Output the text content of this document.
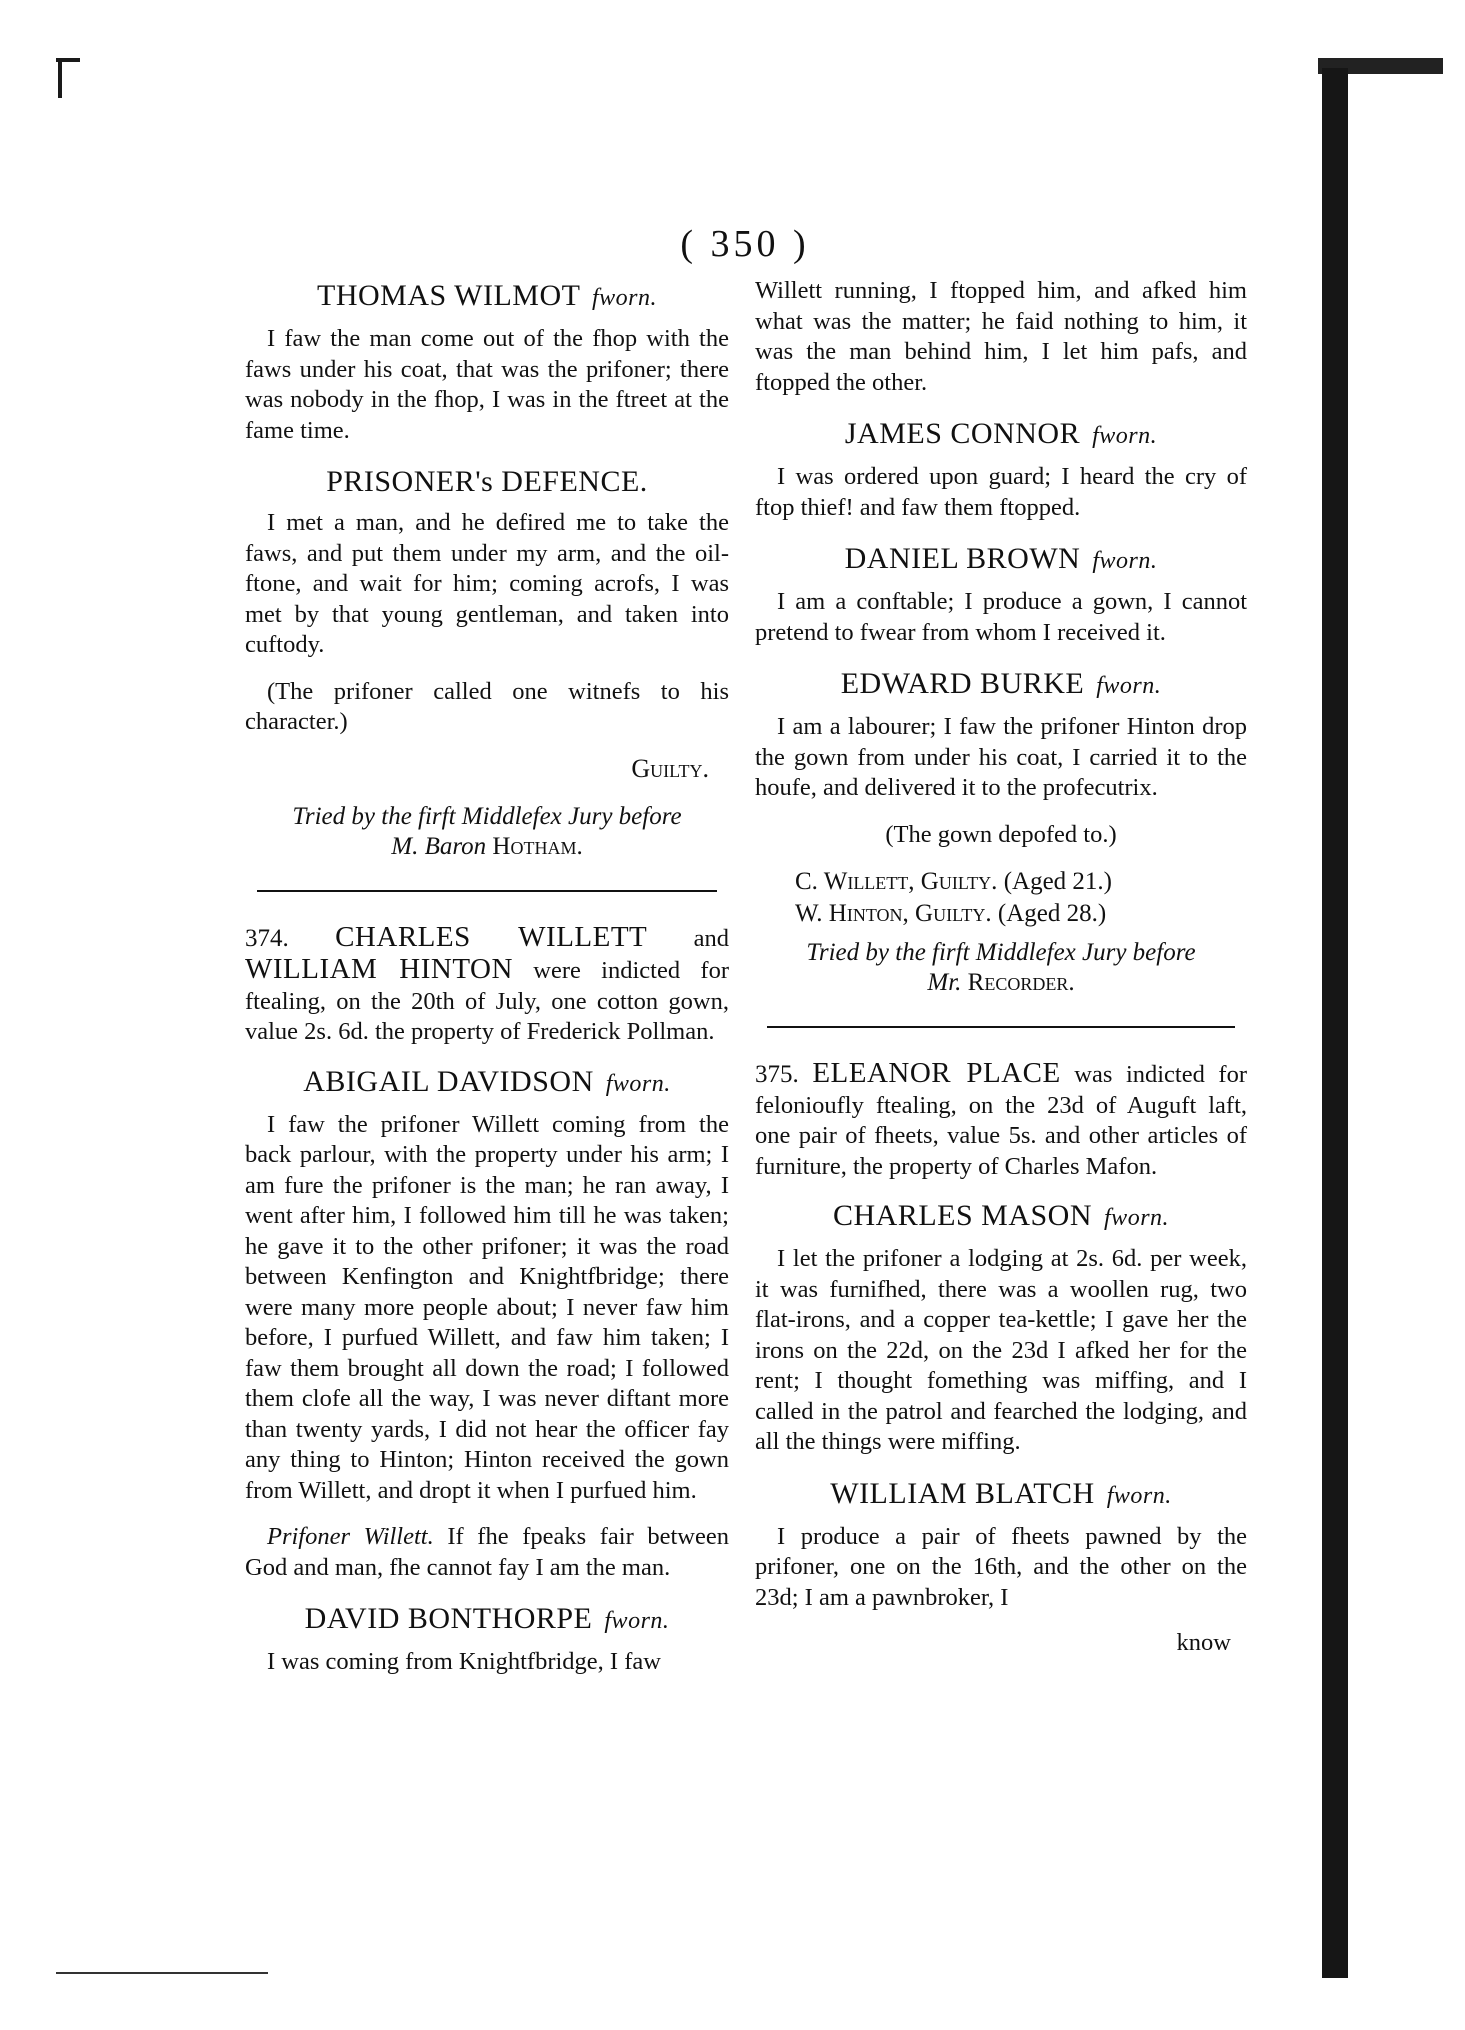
( 350 )
THOMAS WILMOT fworn.

I faw the man come out of the fhop with the faws under his coat, that was the prifoner; there was nobody in the fhop, I was in the ftreet at the fame time.

PRISONER's DEFENCE.

I met a man, and he defired me to take the faws, and put them under my arm, and the oil-ftone, and wait for him; coming acrofs, I was met by that young gentleman, and taken into cuftody.

(The prifoner called one witnefs to his character.)

Guilty.
Tried by the firft Middlefex Jury before
M. Baron Hotham.

374. CHARLES WILLETT and WILLIAM HINTON were indicted for ftealing, on the 20th of July, one cotton gown, value 2s. 6d. the property of Frederick Pollman.

ABIGAIL DAVIDSON fworn.

I faw the prifoner Willett coming from the back parlour, with the property under his arm; I am fure the prifoner is the man; he ran away, I went after him, I followed him till he was taken; he gave it to the other prifoner; it was the road between Kenfington and Knightfbridge; there were many more people about; I never faw him before, I purfued Willett, and faw him taken; I faw them brought all down the road; I followed them clofe all the way, I was never diftant more than twenty yards, I did not hear the officer fay any thing to Hinton; Hinton received the gown from Willett, and dropt it when I purfued him.

Prifoner Willett. If fhe fpeaks fair between God and man, fhe cannot fay I am the man.

DAVID BONTHORPE fworn.

I was coming from Knightfbridge, I faw

Willett running, I ftopped him, and afked him what was the matter; he faid nothing to him, it was the man behind him, I let him pafs, and ftopped the other.

JAMES CONNOR fworn.

I was ordered upon guard; I heard the cry of ftop thief! and faw them ftopped.

DANIEL BROWN fworn.

I am a conftable; I produce a gown, I cannot pretend to fwear from whom I received it.

EDWARD BURKE fworn.

I am a labourer; I faw the prifoner Hinton drop the gown from under his coat, I carried it to the houfe, and delivered it to the profecutrix.

(The gown depofed to.)

C. Willett, Guilty. (Aged 21.)

W. Hinton, Guilty. (Aged 28.)

Tried by the firft Middlefex Jury before
Mr. Recorder.

375. ELEANOR PLACE was indicted for felonioufly ftealing, on the 23d of Auguft laft, one pair of fheets, value 5s. and other articles of furniture, the property of Charles Mafon.

CHARLES MASON fworn.

I let the prifoner a lodging at 2s. 6d. per week, it was furnifhed, there was a woollen rug, two flat-irons, and a copper tea-kettle; I gave her the irons on the 22d, on the 23d I afked her for the rent; I thought fomething was miffing, and I called in the patrol and fearched the lodging, and all the things were miffing.

WILLIAM BLATCH fworn.

I produce a pair of fheets pawned by the prifoner, one on the 16th, and the other on the 23d; I am a pawnbroker, I

know
